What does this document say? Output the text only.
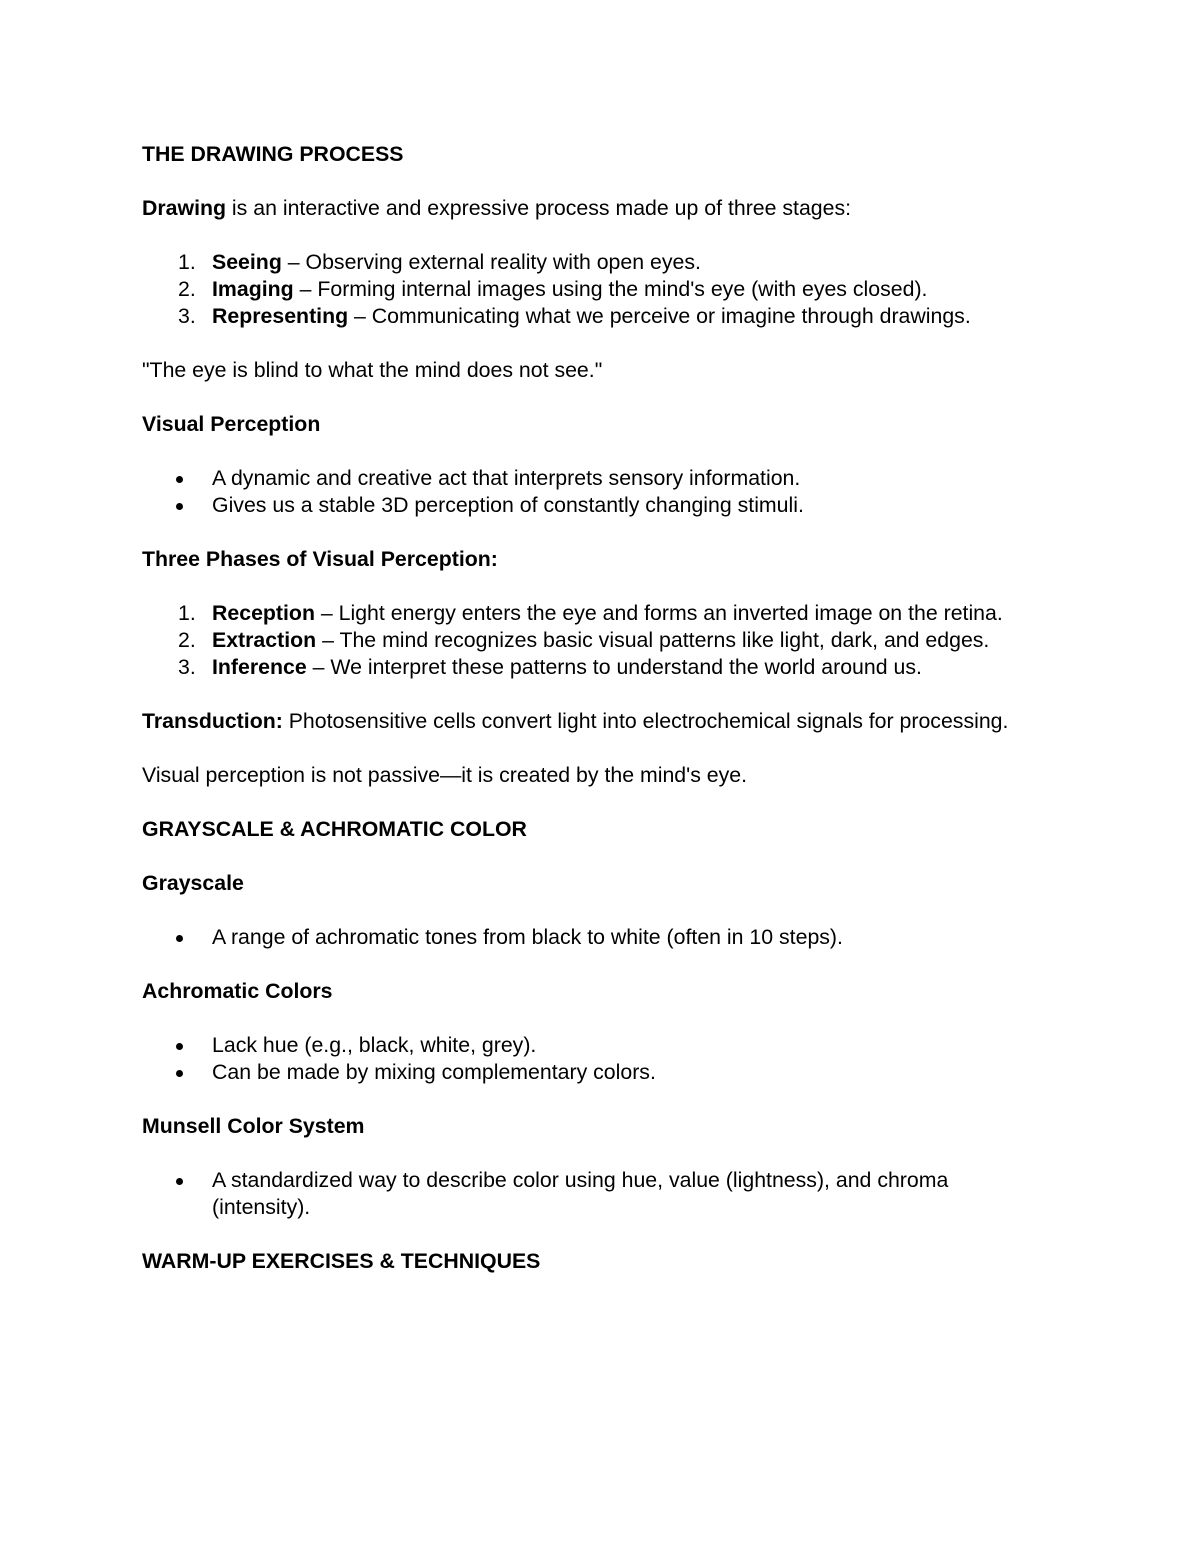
THE DRAWING PROCESS

Drawing is an interactive and expressive process made up of three stages:

1. Seeing – Observing external reality with open eyes.
2. Imaging – Forming internal images using the mind's eye (with eyes closed).
3. Representing – Communicating what we perceive or imagine through drawings.

"The eye is blind to what the mind does not see."

Visual Perception

A dynamic and creative act that interprets sensory information.
Gives us a stable 3D perception of constantly changing stimuli.

Three Phases of Visual Perception:

1. Reception – Light energy enters the eye and forms an inverted image on the retina.
2. Extraction – The mind recognizes basic visual patterns like light, dark, and edges.
3. Inference – We interpret these patterns to understand the world around us.

Transduction: Photosensitive cells convert light into electrochemical signals for processing.

Visual perception is not passive—it is created by the mind's eye.

GRAYSCALE & ACHROMATIC COLOR

Grayscale

A range of achromatic tones from black to white (often in 10 steps).

Achromatic Colors

Lack hue (e.g., black, white, grey).
Can be made by mixing complementary colors.

Munsell Color System

A standardized way to describe color using hue, value (lightness), and chroma (intensity).

WARM-UP EXERCISES & TECHNIQUES
